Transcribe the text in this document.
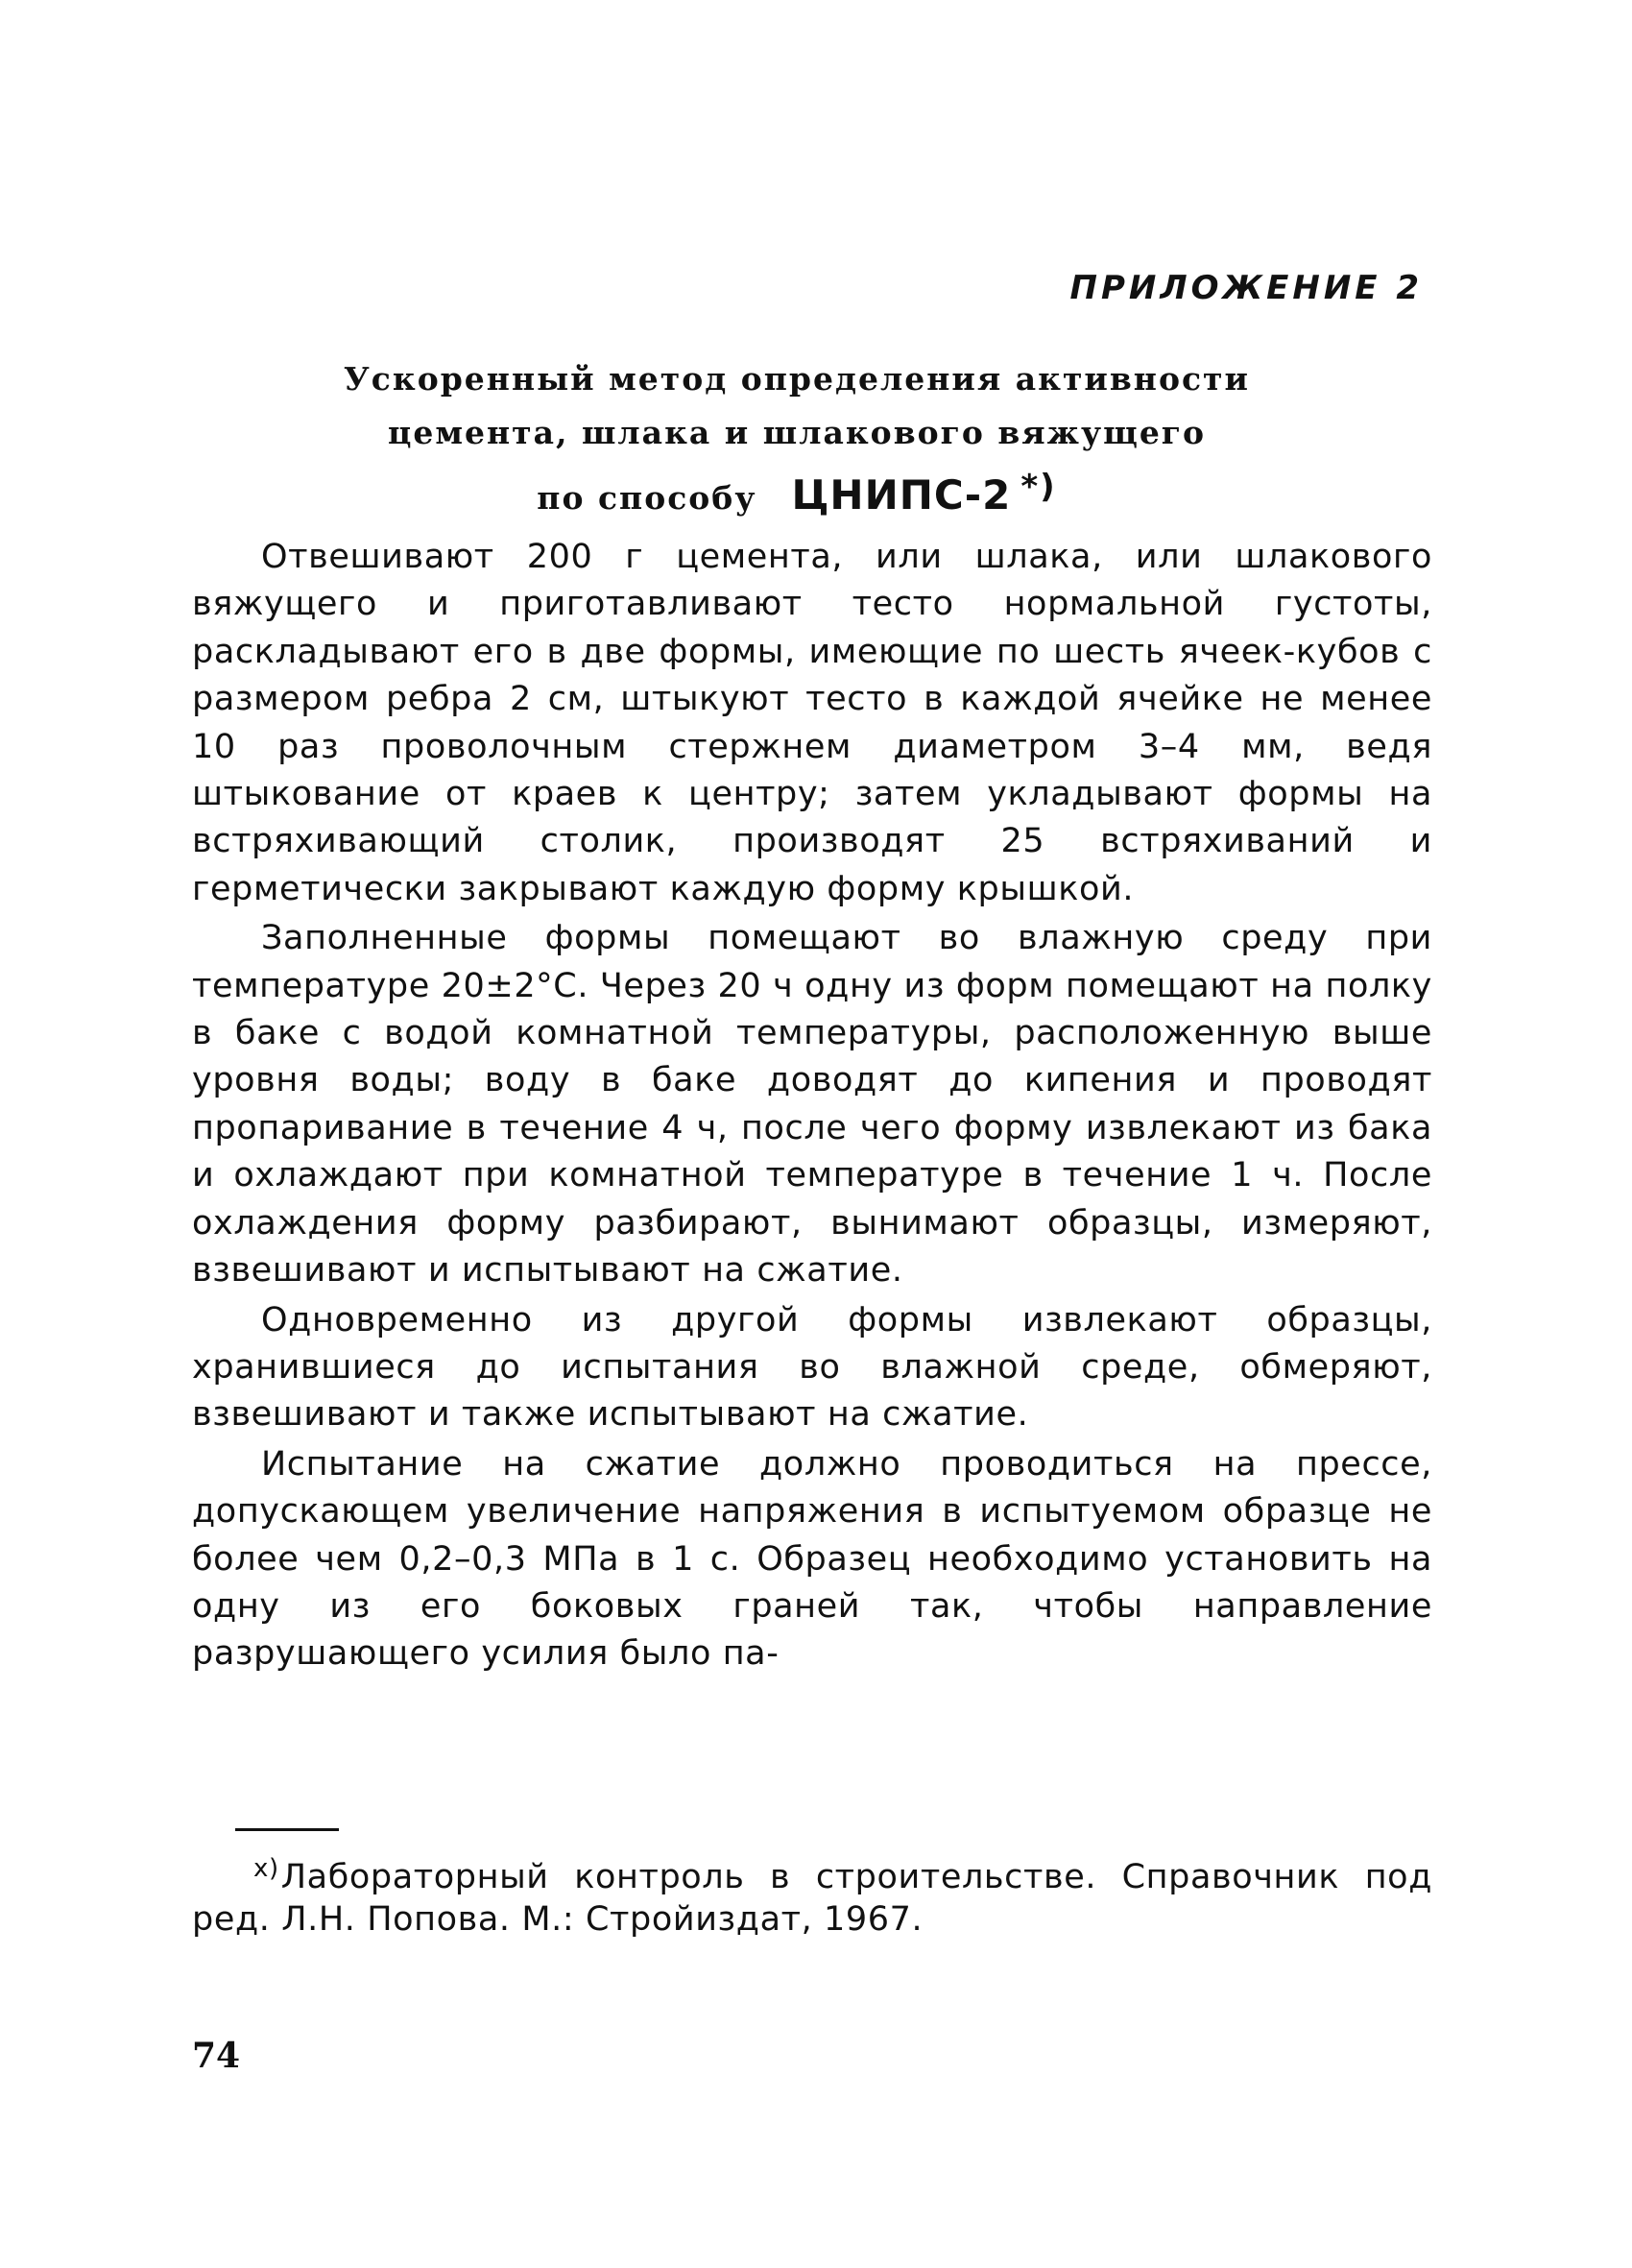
ПРИЛОЖЕНИЕ 2
Ускоренный метод определения активности
цемента, шлака и шлакового вяжущего
по способу ЦНИПС-2 *)

Отвешивают 200 г цемента, или шлака, или шлакового вяжущего и приготавливают тесто нормальной густоты, раскладывают его в две формы, имеющие по шесть ячеек-кубов с размером ребра 2 см, штыкуют тесто в каждой ячейке не менее 10 раз проволочным стержнем диаметром 3–4 мм, ведя штыкование от краев к центру; затем укладывают формы на встряхивающий столик, производят 25 встряхиваний и герметически закрывают каждую форму крышкой.

Заполненные формы помещают во влажную среду при температуре 20±2°С. Через 20 ч одну из форм помещают на полку в баке с водой комнатной температуры, расположенную выше уровня воды; воду в баке доводят до кипения и проводят пропаривание в течение 4 ч, после чего форму извлекают из бака и охлаждают при комнатной температуре в течение 1 ч. После охлаждения форму разбирают, вынимают образцы, измеряют, взвешивают и испытывают на сжатие.

Одновременно из другой формы извлекают образцы, хранившиеся до испытания во влажной среде, обмеряют, взвешивают и также испытывают на сжатие.

Испытание на сжатие должно проводиться на прессе, допускающем увеличение напряжения в испытуемом образце не более чем 0,2–0,3 МПа в 1 с. Образец необходимо установить на одну из его боковых граней так, чтобы направление разрушающего усилия было па-

$^{х)}$Лабораторный контроль в строительстве. Справочник под ред. Л.Н. Попова. М.: Стройиздат, 1967.

74
